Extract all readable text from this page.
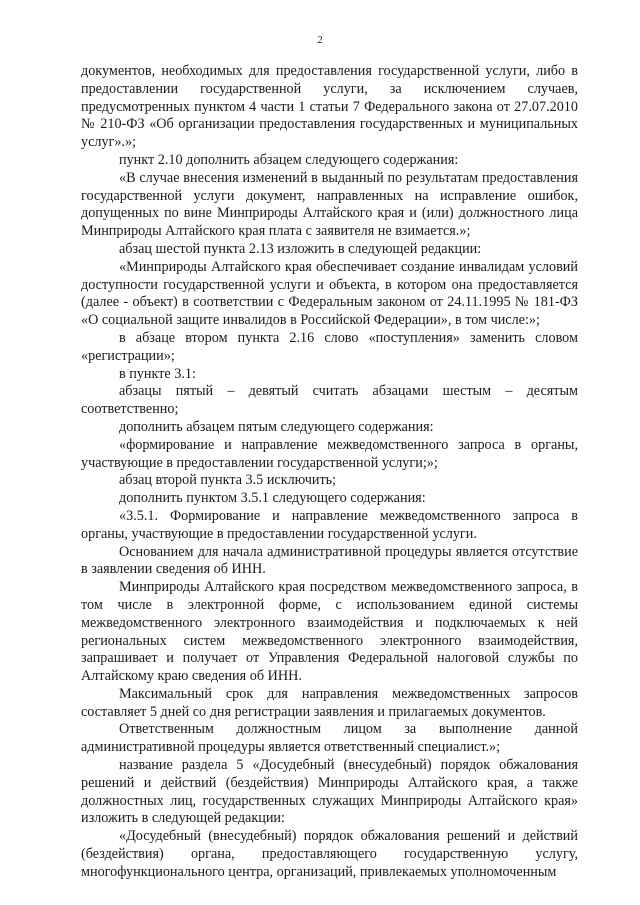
2

документов, необходимых для предоставления государственной услуги, либо в предоставлении государственной услуги, за исключением случаев, предусмотренных пунктом 4 части 1 статьи 7 Федерального закона от 27.07.2010 № 210-ФЗ «Об организации предоставления государственных и муниципальных услуг».»;

пункт 2.10 дополнить абзацем следующего содержания:

«В случае внесения изменений в выданный по результатам предоставления государственной услуги документ, направленных на исправление ошибок, допущенных по вине Минприроды Алтайского края и (или) должностного лица Минприроды Алтайского края плата с заявителя не взимается.»;

абзац шестой пункта 2.13 изложить в следующей редакции:

«Минприроды Алтайского края обеспечивает создание инвалидам условий доступности государственной услуги и объекта, в котором она предоставляется (далее - объект) в соответствии с Федеральным законом от 24.11.1995 № 181-ФЗ «О социальной защите инвалидов в Российской Федерации», в том числе:»;

в абзаце втором пункта 2.16 слово «поступления» заменить словом «регистрации»;

в пункте 3.1:

абзацы пятый – девятый считать абзацами шестым – десятым соответственно;

дополнить абзацем пятым следующего содержания:

«формирование и направление межведомственного запроса в органы, участвующие в предоставлении государственной услуги;»;

абзац второй пункта 3.5 исключить;

дополнить пунктом 3.5.1 следующего содержания:

«3.5.1. Формирование и направление межведомственного запроса в органы, участвующие в предоставлении государственной услуги.

Основанием для начала административной процедуры является отсутствие в заявлении сведения об ИНН.

Минприроды Алтайского края посредством межведомственного запроса, в том числе в электронной форме, с использованием единой системы межведомственного электронного взаимодействия и подключаемых к ней региональных систем межведомственного электронного взаимодействия, запрашивает и получает от Управления Федеральной налоговой службы по Алтайскому краю сведения об ИНН.

Максимальный срок для направления межведомственных запросов составляет 5 дней со дня регистрации заявления и прилагаемых документов.

Ответственным должностным лицом за выполнение данной административной процедуры является ответственный специалист.»;

название раздела 5 «Досудебный (внесудебный) порядок обжалования решений и действий (бездействия) Минприроды Алтайского края, а также должностных лиц, государственных служащих Минприроды Алтайского края» изложить в следующей редакции:

«Досудебный (внесудебный) порядок обжалования решений и действий (бездействия) органа, предоставляющего государственную услугу, многофункционального центра, организаций, привлекаемых уполномоченным
